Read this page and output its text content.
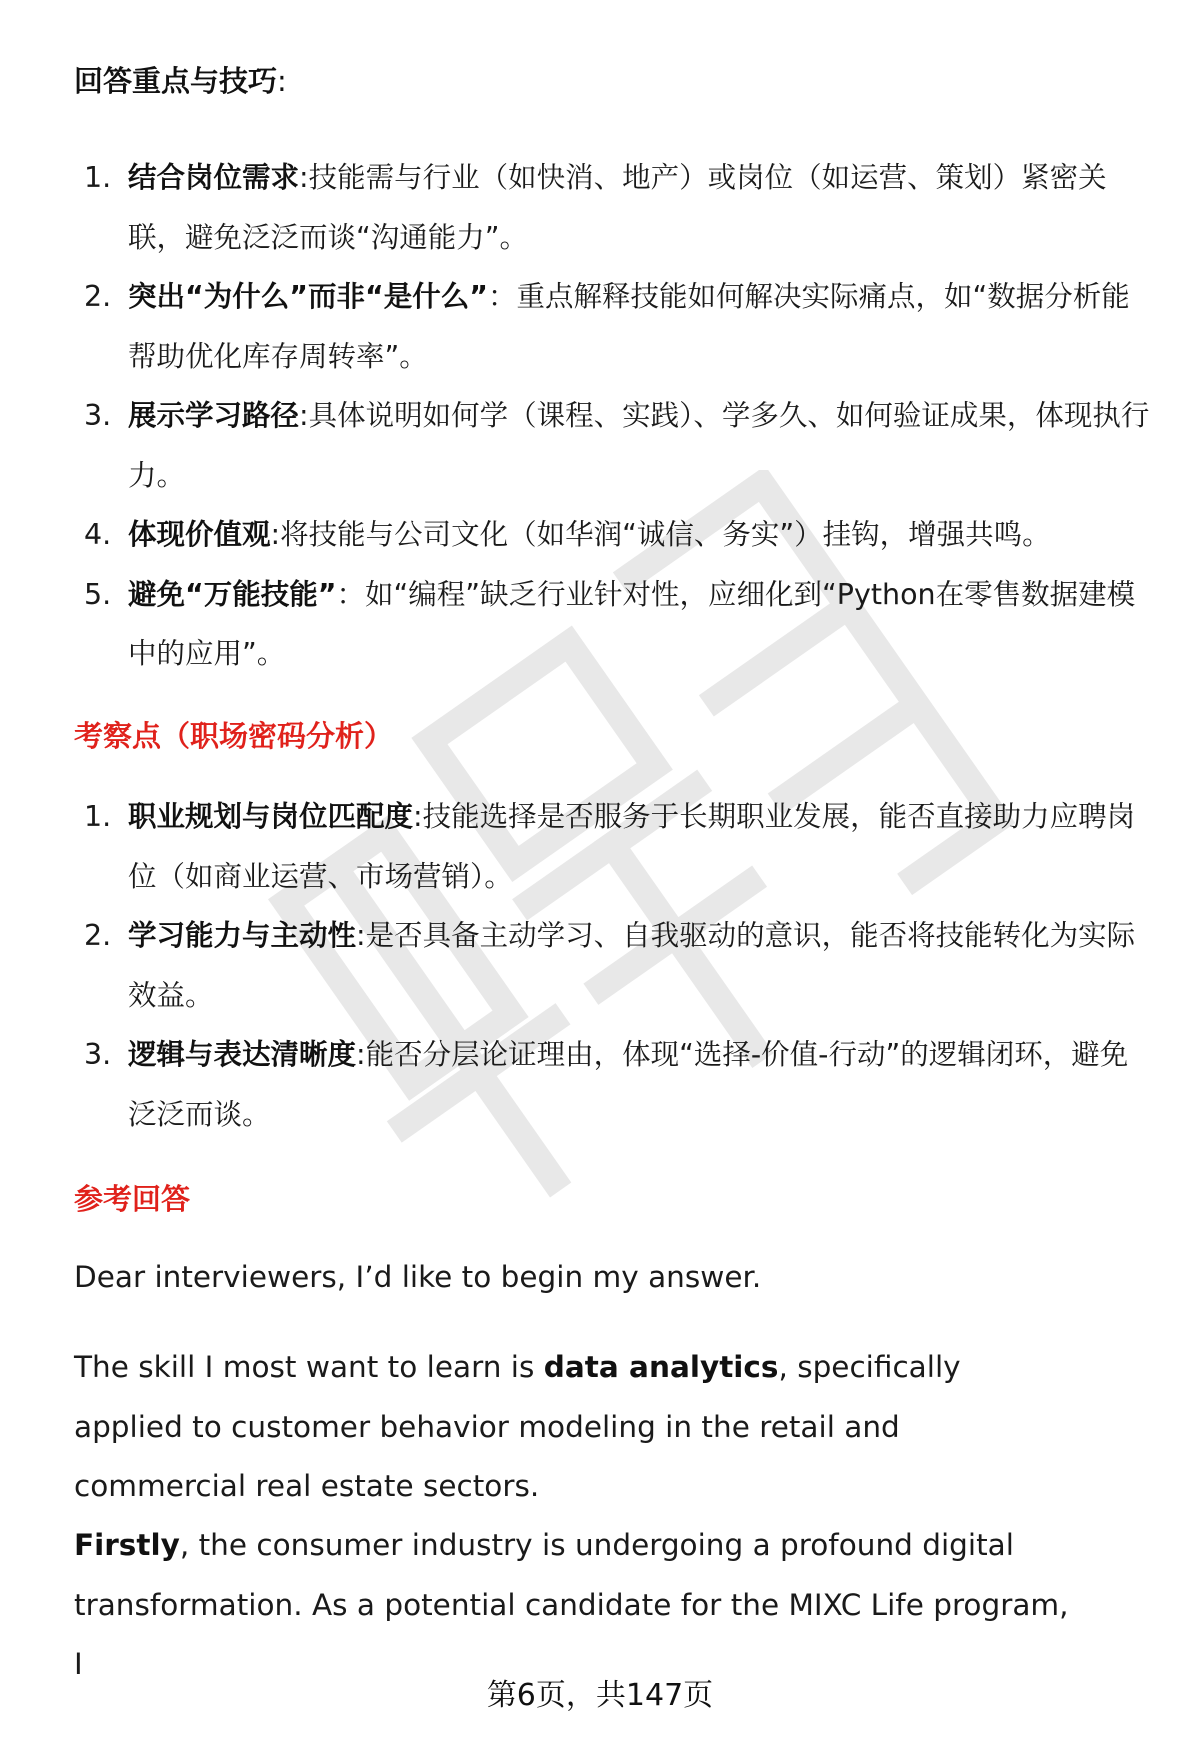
回答重点与技巧:
1. 结合岗位需求:技能需与行业（如快消、地产）或岗位（如运营、策划）紧密关联，避免泛泛而谈“沟通能力”。
2. 突出“为什么”而非“是什么”：重点解释技能如何解决实际痛点，如“数据分析能帮助优化库存周转率”。
3. 展示学习路径:具体说明如何学（课程、实践）、学多久、如何验证成果，体现执行力。
4. 体现价值观:将技能与公司文化（如华润“诚信、务实”）挂钩，增强共鸣。
5. 避免“万能技能”：如“编程”缺乏行业针对性，应细化到“Python在零售数据建模中的应用”。
考察点（职场密码分析）
1. 职业规划与岗位匹配度:技能选择是否服务于长期职业发展，能否直接助力应聘岗位（如商业运营、市场营销）。
2. 学习能力与主动性:是否具备主动学习、自我驱动的意识，能否将技能转化为实际效益。
3. 逻辑与表达清晰度:能否分层论证理由，体现“选择-价值-行动”的逻辑闭环，避免泛泛而谈。
参考回答

Dear interviewers, I’d like to begin my answer.

The skill I most want to learn is data analytics, specifically applied to customer behavior modeling in the retail and commercial real estate sectors.

Firstly, the consumer industry is undergoing a profound digital transformation. As a potential candidate for the MIXC Life program, I

第6页，共147页
